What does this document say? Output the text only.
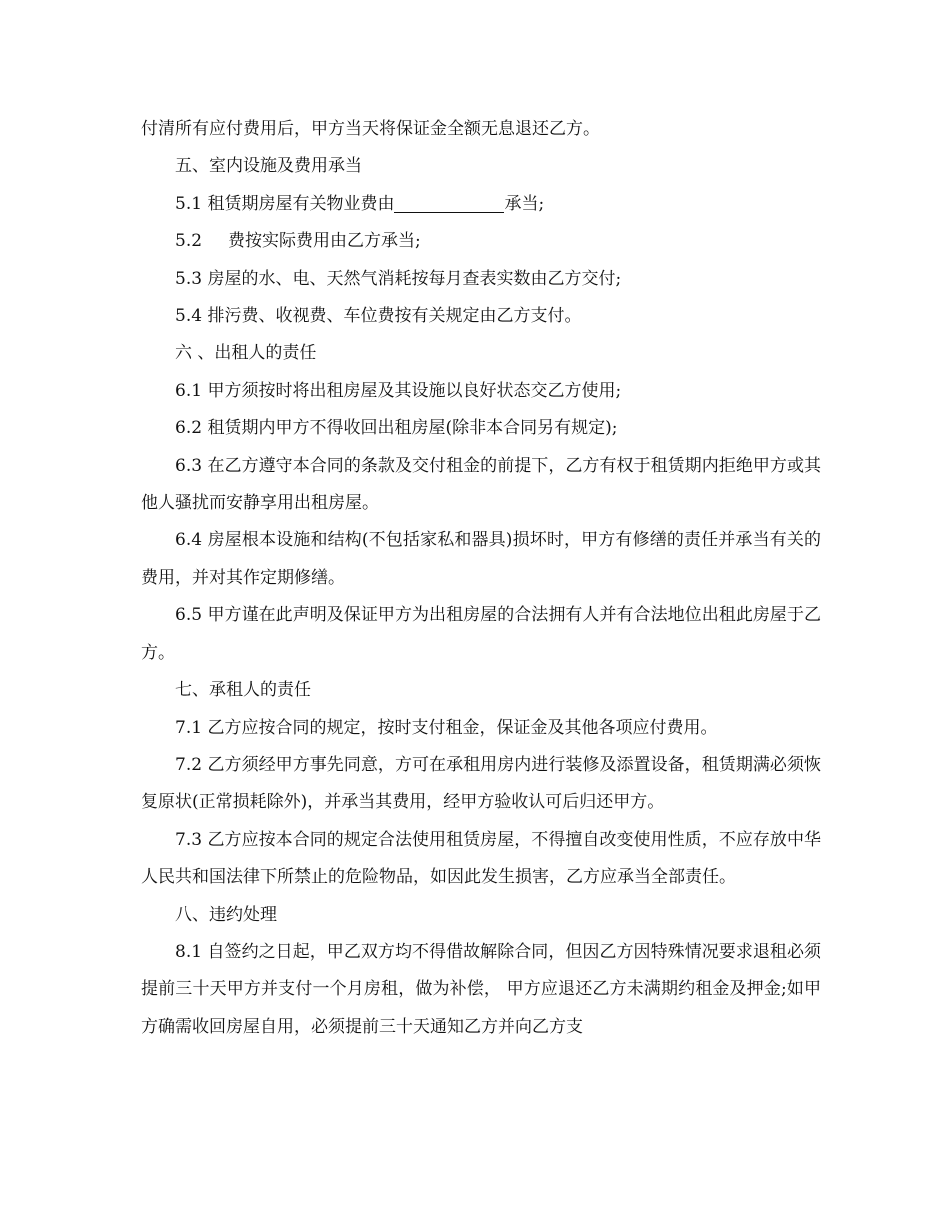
付清所有应付费用后，甲方当天将保证金全额无息退还乙方。

五、室内设施及费用承当

5.1 租赁期房屋有关物业费由	承当;

5.2 费按实际费用由乙方承当;

5.3 房屋的水、电、天然气消耗按每月查表实数由乙方交付;

5.4 排污费、收视费、车位费按有关规定由乙方支付。

六 、出租人的责任

6.1 甲方须按时将出租房屋及其设施以良好状态交乙方使用;

6.2 租赁期内甲方不得收回出租房屋(除非本合同另有规定);

6.3 在乙方遵守本合同的条款及交付租金的前提下，乙方有权于租赁期内拒绝甲方或其他人骚扰而安静享用出租房屋。

6.4 房屋根本设施和结构(不包括家私和器具)损坏时，甲方有修缮的责任并承当有关的费用，并对其作定期修缮。

6.5 甲方谨在此声明及保证甲方为出租房屋的合法拥有人并有合法地位出租此房屋于乙方。

七、承租人的责任

7.1 乙方应按合同的规定，按时支付租金，保证金及其他各项应付费用。

7.2 乙方须经甲方事先同意，方可在承租用房内进行装修及添置设备，租赁期满必须恢复原状(正常损耗除外)，并承当其费用，经甲方验收认可后归还甲方。

7.3 乙方应按本合同的规定合法使用租赁房屋，不得擅自改变使用性质，不应存放中华人民共和国法律下所禁止的危险物品，如因此发生损害，乙方应承当全部责任。

八、违约处理

8.1 自签约之日起，甲乙双方均不得借故解除合同，但因乙方因特殊情况要求退租必须提前三十天甲方并支付一个月房租，做为补偿， 甲方应退还乙方未满期约租金及押金;如甲方确需收回房屋自用，必须提前三十天通知乙方并向乙方支
